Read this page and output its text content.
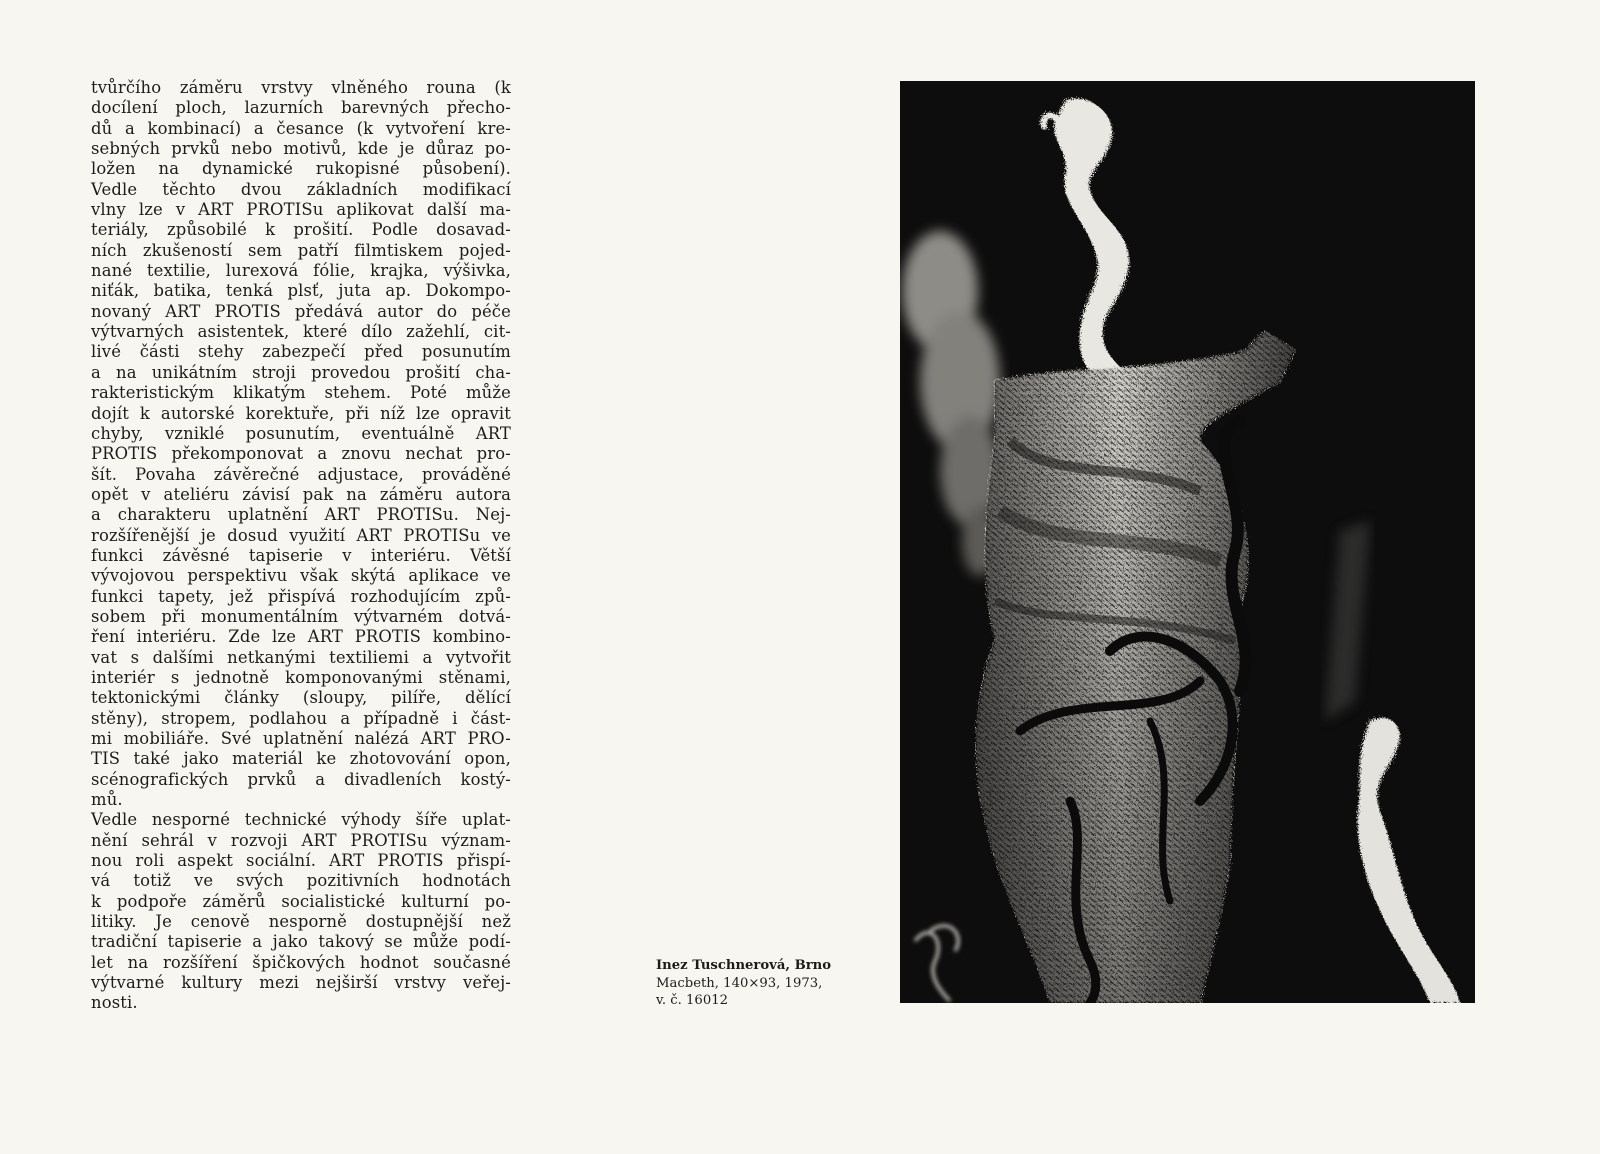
tvůrčího záměru vrstvy vlněného rouna (k
docílení ploch, lazurních barevných přecho-
dů a kombinací) a česance (k vytvoření kre-
sebných prvků nebo motivů, kde je důraz po-
ložen na dynamické rukopisné působení).
Vedle těchto dvou základních modifikací
vlny lze v ART PROTISu aplikovat další ma-
teriály, způsobilé k prošití. Podle dosavad-
ních zkušeností sem patří filmtiskem pojed-
nané textilie, lurexová fólie, krajka, výšivka,
niťák, batika, tenká plsť, juta ap. Dokompo-
novaný ART PROTIS předává autor do péče
výtvarných asistentek, které dílo zažehlí, cit-
livé části stehy zabezpečí před posunutím
a na unikátním stroji provedou prošití cha-
rakteristickým klikatým stehem. Poté může
dojít k autorské korektuře, při níž lze opravit
chyby, vzniklé posunutím, eventuálně ART
PROTIS překomponovat a znovu nechat pro-
šít. Povaha závěrečné adjustace, prováděné
opět v ateliéru závisí pak na záměru autora
a charakteru uplatnění ART PROTISu. Nej-
rozšířenější je dosud využití ART PROTISu ve
funkci závěsné tapiserie v interiéru. Větší
vývojovou perspektivu však skýtá aplikace ve
funkci tapety, jež přispívá rozhodujícím způ-
sobem při monumentálním výtvarném dotvá-
ření interiéru. Zde lze ART PROTIS kombino-
vat s dalšími netkanými textiliemi a vytvořit
interiér s jednotně komponovanými stěnami,
tektonickými články (sloupy, pilíře, dělící
stěny), stropem, podlahou a případně i část-
mi mobiliáře. Své uplatnění nalézá ART PRO-
TIS také jako materiál ke zhotovování opon,
scénografických prvků a divadleních kostý-
mů.
Vedle nesporné technické výhody šíře uplat-
nění sehrál v rozvoji ART PROTISu význam-
nou roli aspekt sociální. ART PROTIS přispí-
vá totiž ve svých pozitivních hodnotách
k podpoře záměrů socialistické kulturní po-
litiky. Je cenově nesporně dostupnější než
tradiční tapiserie a jako takový se může podí-
let na rozšíření špičkových hodnot současné
výtvarné kultury mezi nejširší vrstvy veřej-
nosti.
Inez Tuschnerová, Brno
Macbeth, 140×93, 1973,
v. č. 16012
